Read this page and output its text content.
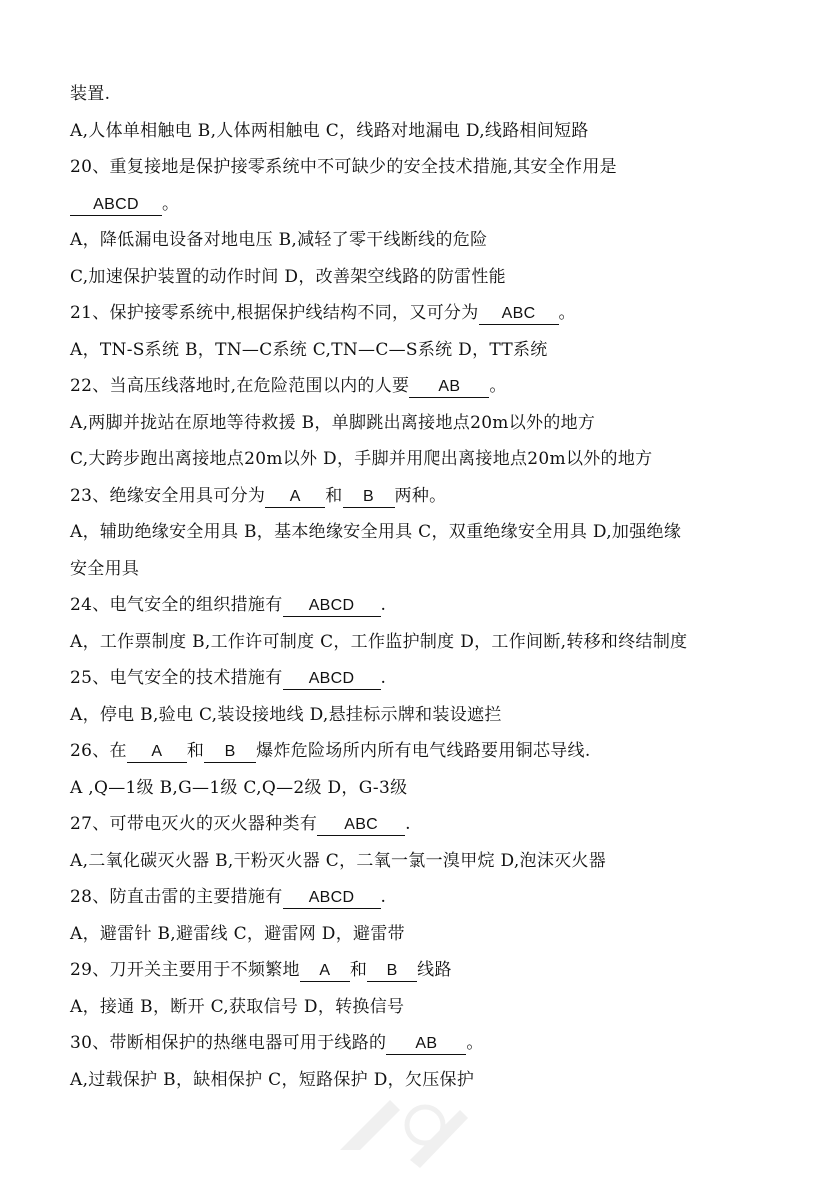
装置.
A,人体单相触电 B,人体两相触电 C，线路对地漏电 D,线路相间短路
20、重复接地是保护接零系统中不可缺少的安全技术措施,其安全作用是
ABCD 。
A，降低漏电设备对地电压 B,减轻了零干线断线的危险
C,加速保护装置的动作时间 D，改善架空线路的防雷性能
21、保护接零系统中,根据保护线结构不同，又可分为 ABC 。
A，TN-S系统 B，TN—C系统 C,TN—C—S系统 D，TT系统
22、当高压线落地时,在危险范围以内的人要 AB 。
A,两脚并拢站在原地等待救援 B，单脚跳出离接地点20m以外的地方
C,大跨步跑出离接地点20m以外 D，手脚并用爬出离接地点20m以外的地方
23、绝缘安全用具可分为 A 和 B 两种。
A，辅助绝缘安全用具 B，基本绝缘安全用具 C，双重绝缘安全用具 D,加强绝缘
安全用具
24、电气安全的组织措施有 ABCD .
A，工作票制度 B,工作许可制度 C，工作监护制度 D，工作间断,转移和终结制度
25、电气安全的技术措施有 ABCD .
A，停电 B,验电 C,装设接地线 D,悬挂标示牌和装设遮拦
26、在 A 和 B 爆炸危险场所内所有电气线路要用铜芯导线.
A ,Q—1级 B,G—1级 C,Q—2级 D，G-3级
27、可带电灭火的灭火器种类有 ABC .
A,二氧化碳灭火器 B,干粉灭火器 C，二氧一氯一溴甲烷 D,泡沫灭火器
28、防直击雷的主要措施有 ABCD .
A，避雷针 B,避雷线 C，避雷网 D，避雷带
29、刀开关主要用于不频繁地 A 和 B 线路
A，接通 B，断开 C,获取信号 D，转换信号
30、带断相保护的热继电器可用于线路的 AB 。
A,过载保护 B，缺相保护 C，短路保护 D，欠压保护
